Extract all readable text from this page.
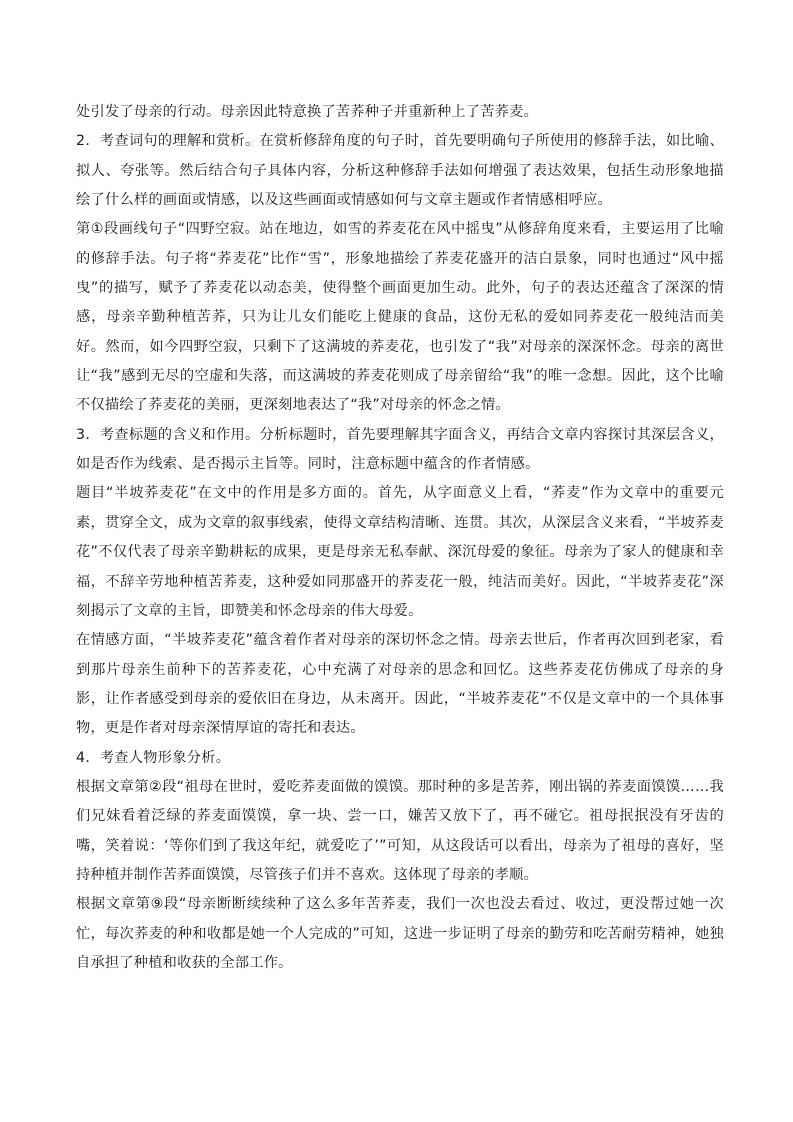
处引发了母亲的行动。母亲因此特意换了苦荞种子并重新种上了苦荞麦。

2．考查词句的理解和赏析。在赏析修辞角度的句子时，首先要明确句子所使用的修辞手法，如比喻、拟人、夸张等。然后结合句子具体内容，分析这种修辞手法如何增强了表达效果，包括生动形象地描绘了什么样的画面或情感，以及这些画面或情感如何与文章主题或作者情感相呼应。

第①段画线句子“四野空寂。站在地边，如雪的荞麦花在风中摇曳”从修辞角度来看，主要运用了比喻的修辞手法。句子将“荞麦花”比作“雪”，形象地描绘了荞麦花盛开的洁白景象，同时也通过“风中摇曳”的描写，赋予了荞麦花以动态美，使得整个画面更加生动。此外，句子的表达还蕴含了深深的情感，母亲辛勤种植苦荞，只为让儿女们能吃上健康的食品，这份无私的爱如同荞麦花一般纯洁而美好。然而，如今四野空寂，只剩下了这满坡的荞麦花，也引发了“我”对母亲的深深怀念。母亲的离世让“我”感到无尽的空虚和失落，而这满坡的荞麦花则成了母亲留给“我”的唯一念想。因此，这个比喻不仅描绘了荞麦花的美丽，更深刻地表达了“我”对母亲的怀念之情。

3．考查标题的含义和作用。分析标题时，首先要理解其字面含义，再结合文章内容探讨其深层含义，如是否作为线索、是否揭示主旨等。同时，注意标题中蕴含的作者情感。

题目“半坡荞麦花”在文中的作用是多方面的。首先，从字面意义上看，“荞麦”作为文章中的重要元素，贯穿全文，成为文章的叙事线索，使得文章结构清晰、连贯。其次，从深层含义来看，“半坡荞麦花”不仅代表了母亲辛勤耕耘的成果，更是母亲无私奉献、深沉母爱的象征。母亲为了家人的健康和幸福，不辞辛劳地种植苦荞麦，这种爱如同那盛开的荞麦花一般，纯洁而美好。因此，“半坡荞麦花”深刻揭示了文章的主旨，即赞美和怀念母亲的伟大母爱。

在情感方面，“半坡荞麦花”蕴含着作者对母亲的深切怀念之情。母亲去世后，作者再次回到老家，看到那片母亲生前种下的苦荞麦花，心中充满了对母亲的思念和回忆。这些荞麦花仿佛成了母亲的身影，让作者感受到母亲的爱依旧在身边，从未离开。因此，“半坡荞麦花”不仅是文章中的一个具体事物，更是作者对母亲深情厚谊的寄托和表达。

4．考查人物形象分析。

根据文章第②段“祖母在世时，爱吃荞麦面做的馍馍。那时种的多是苦荞，刚出锅的荞麦面馍馍……我们兄妹看着泛绿的荞麦面馍馍，拿一块、尝一口，嫌苦又放下了，再不碰它。祖母抿抿没有牙齿的嘴，笑着说：‘等你们到了我这年纪，就爱吃了’”可知，从这段话可以看出，母亲为了祖母的喜好，坚持种植并制作苦荞面馍馍，尽管孩子们并不喜欢。这体现了母亲的孝顺。

根据文章第⑨段“母亲断断续续种了这么多年苦荞麦，我们一次也没去看过、收过，更没帮过她一次忙，每次荞麦的种和收都是她一个人完成的”可知，这进一步证明了母亲的勤劳和吃苦耐劳精神，她独自承担了种植和收获的全部工作。
